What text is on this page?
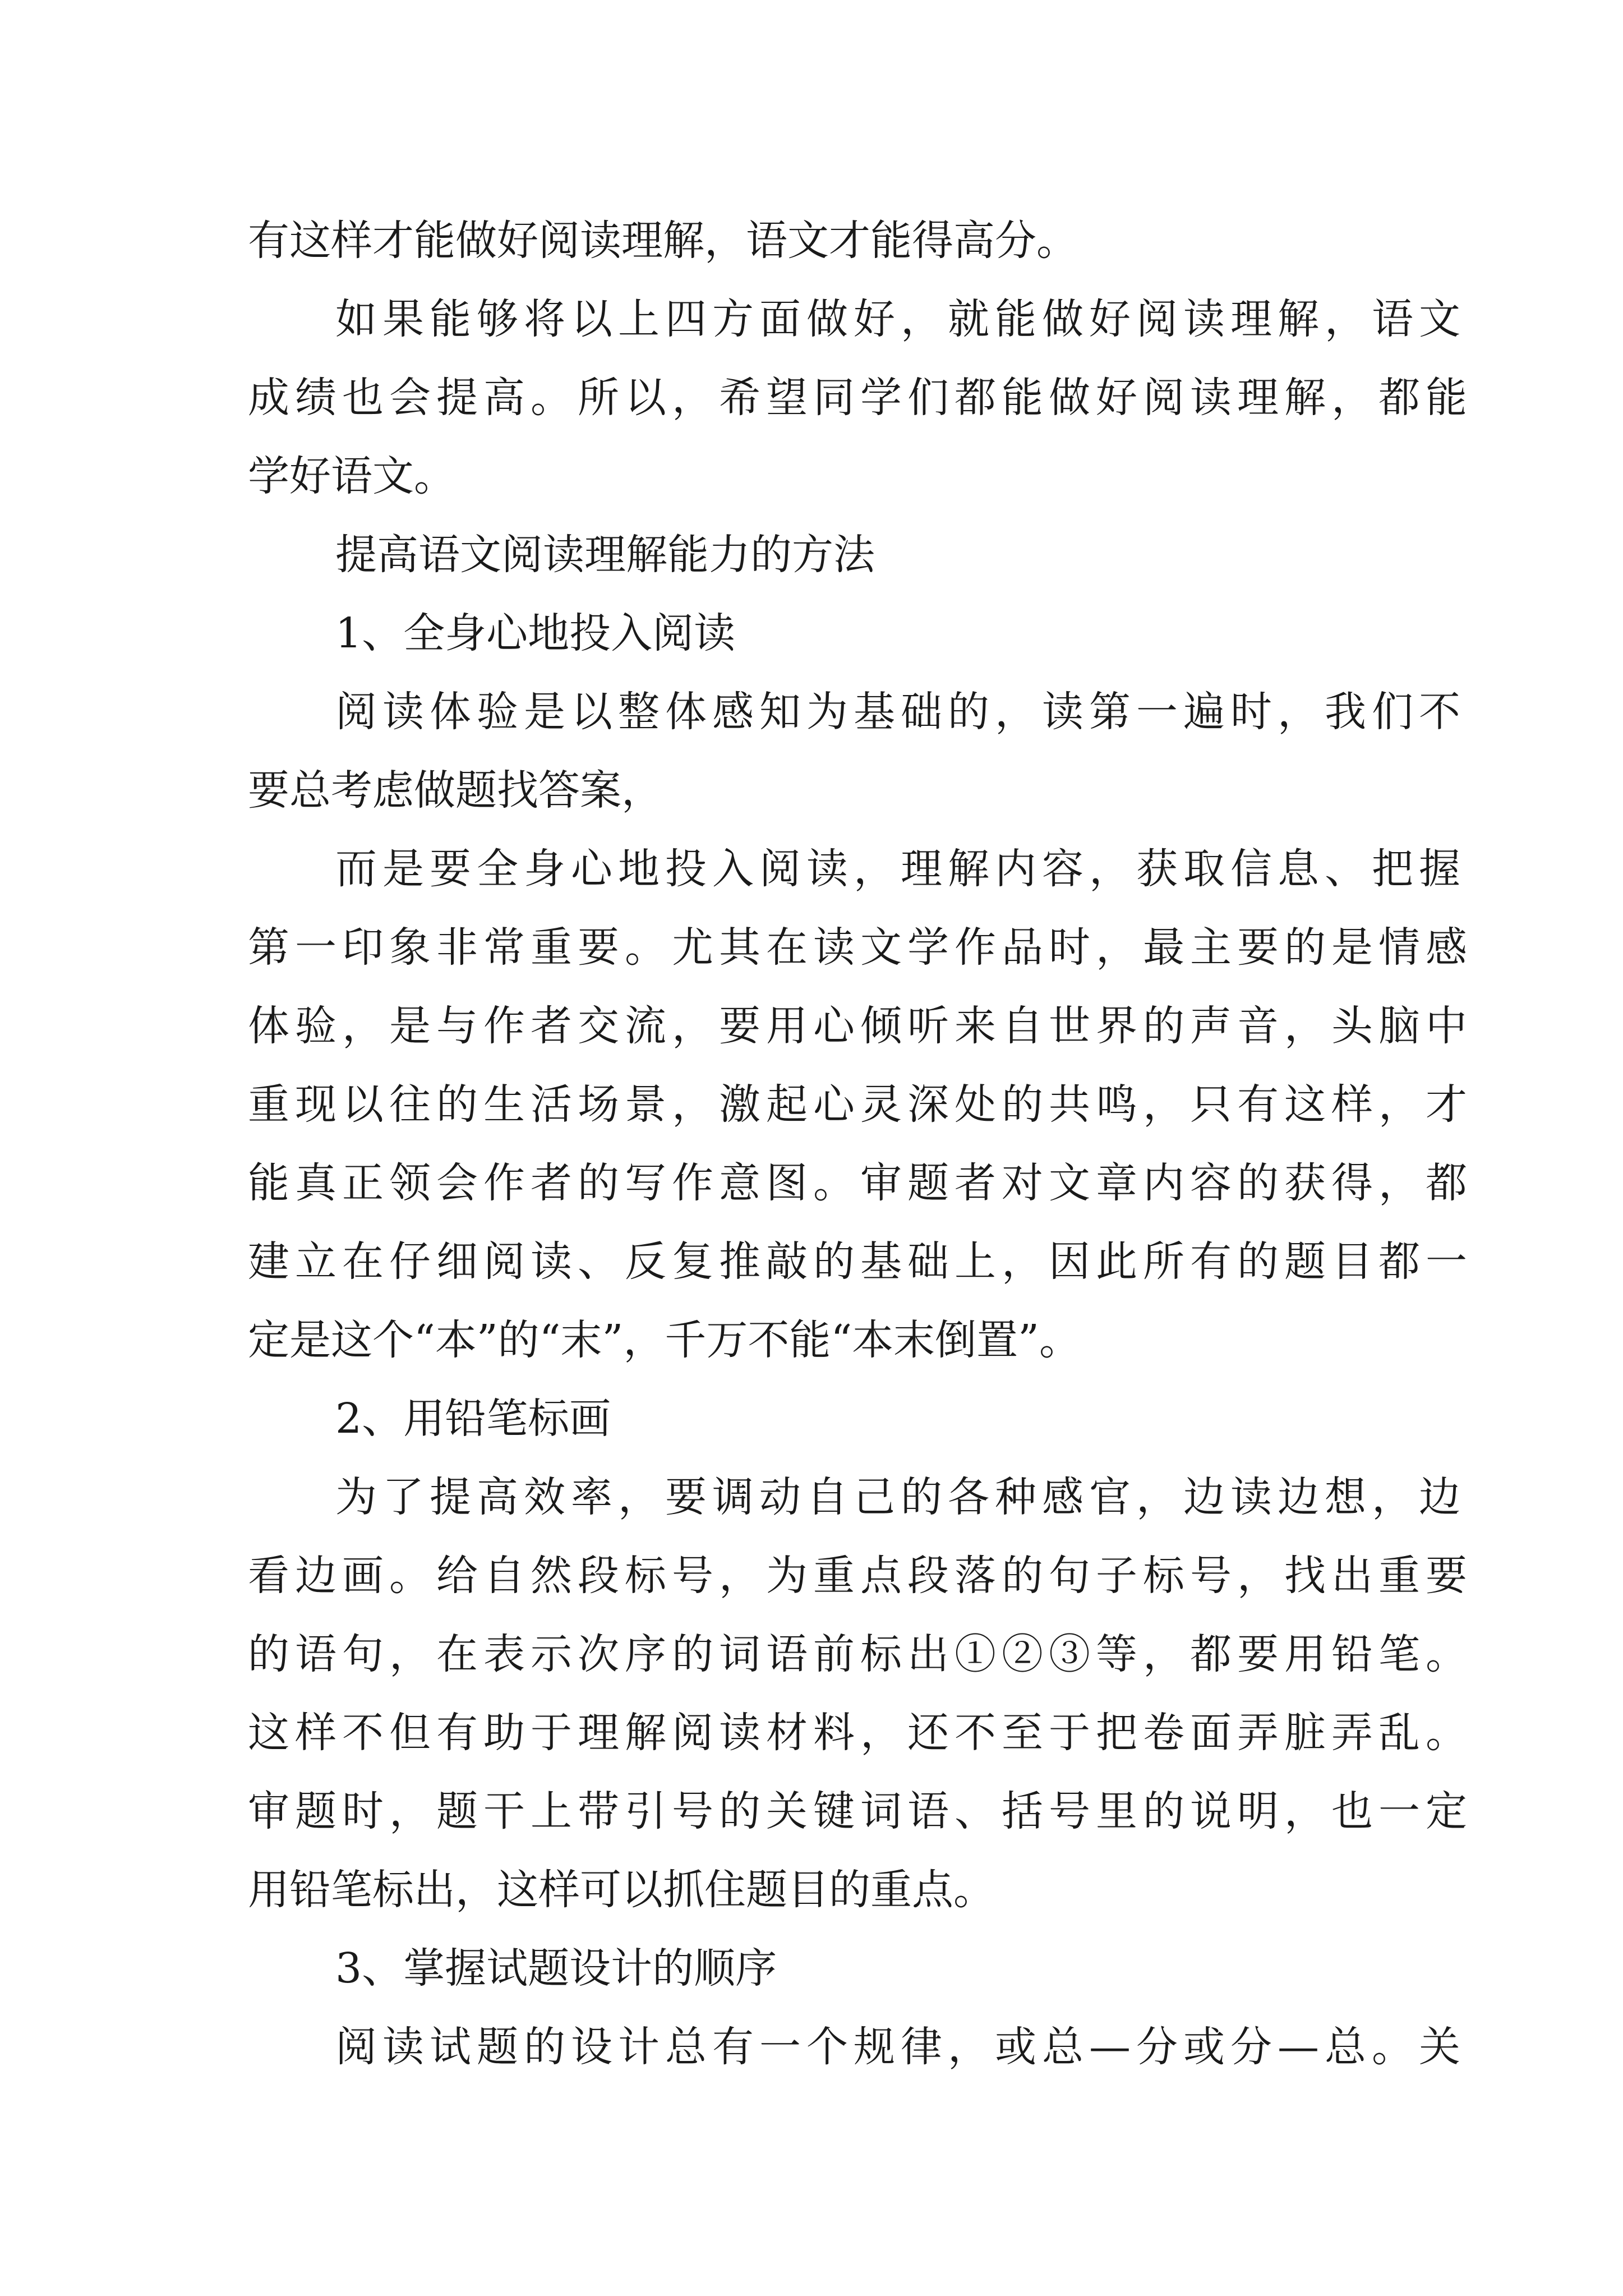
有这样才能做好阅读理解，语文才能得高分。
如果能够将以上四方面做好，就能做好阅读理解，语文
成绩也会提高。所以，希望同学们都能做好阅读理解，都能
学好语文。
提高语文阅读理解能力的方法
1、全身心地投入阅读
阅读体验是以整体感知为基础的，读第一遍时，我们不
要总考虑做题找答案，
而是要全身心地投入阅读，理解内容，获取信息、把握
第一印象非常重要。尤其在读文学作品时，最主要的是情感
体验，是与作者交流，要用心倾听来自世界的声音，头脑中
重现以往的生活场景，激起心灵深处的共鸣，只有这样，才
能真正领会作者的写作意图。审题者对文章内容的获得，都
建立在仔细阅读、反复推敲的基础上，因此所有的题目都一
定是这个“本”的“末”，千万不能“本末倒置”。
2、用铅笔标画
为了提高效率，要调动自己的各种感官，边读边想，边
看边画。给自然段标号，为重点段落的句子标号，找出重要
的语句，在表示次序的词语前标出①②③等，都要用铅笔。
这样不但有助于理解阅读材料，还不至于把卷面弄脏弄乱。
审题时，题干上带引号的关键词语、括号里的说明，也一定
用铅笔标出，这样可以抓住题目的重点。
3、掌握试题设计的顺序
阅读试题的设计总有一个规律，或总—分或分—总。关
